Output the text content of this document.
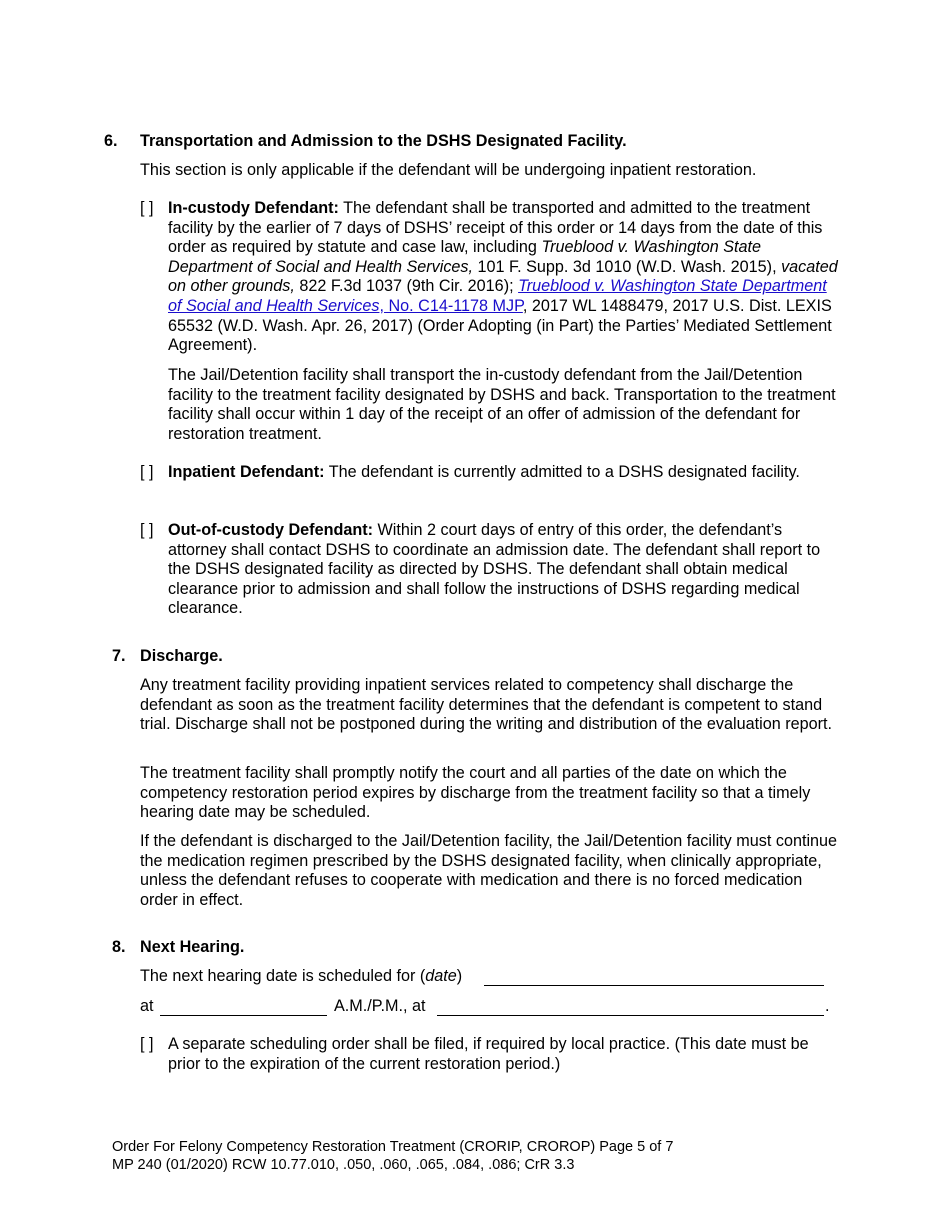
6. Transportation and Admission to the DSHS Designated Facility.
This section is only applicable if the defendant will be undergoing inpatient restoration.
[ ] In-custody Defendant: The defendant shall be transported and admitted to the treatment facility by the earlier of 7 days of DSHS’ receipt of this order or 14 days from the date of this order as required by statute and case law, including Trueblood v. Washington State Department of Social and Health Services, 101 F. Supp. 3d 1010 (W.D. Wash. 2015), vacated on other grounds, 822 F.3d 1037 (9th Cir. 2016); Trueblood v. Washington State Department of Social and Health Services, No. C14-1178 MJP, 2017 WL 1488479, 2017 U.S. Dist. LEXIS 65532 (W.D. Wash. Apr. 26, 2017) (Order Adopting (in Part) the Parties’ Mediated Settlement Agreement).
The Jail/Detention facility shall transport the in-custody defendant from the Jail/Detention facility to the treatment facility designated by DSHS and back. Transportation to the treatment facility shall occur within 1 day of the receipt of an offer of admission of the defendant for restoration treatment.
[ ] Inpatient Defendant: The defendant is currently admitted to a DSHS designated facility.
[ ] Out-of-custody Defendant: Within 2 court days of entry of this order, the defendant’s attorney shall contact DSHS to coordinate an admission date. The defendant shall report to the DSHS designated facility as directed by DSHS. The defendant shall obtain medical clearance prior to admission and shall follow the instructions of DSHS regarding medical clearance.
7. Discharge.
Any treatment facility providing inpatient services related to competency shall discharge the defendant as soon as the treatment facility determines that the defendant is competent to stand trial. Discharge shall not be postponed during the writing and distribution of the evaluation report.
The treatment facility shall promptly notify the court and all parties of the date on which the competency restoration period expires by discharge from the treatment facility so that a timely hearing date may be scheduled.
If the defendant is discharged to the Jail/Detention facility, the Jail/Detention facility must continue the medication regimen prescribed by the DSHS designated facility, when clinically appropriate, unless the defendant refuses to cooperate with medication and there is no forced medication order in effect.
8. Next Hearing.
The next hearing date is scheduled for (date)
at	A.M./P.M., at	.
[ ] A separate scheduling order shall be filed, if required by local practice. (This date must be prior to the expiration of the current restoration period.)
Order For Felony Competency Restoration Treatment (CRORIP, CROROP) Page 5 of 7
MP 240 (01/2020) RCW 10.77.010, .050, .060, .065, .084, .086; CrR 3.3
